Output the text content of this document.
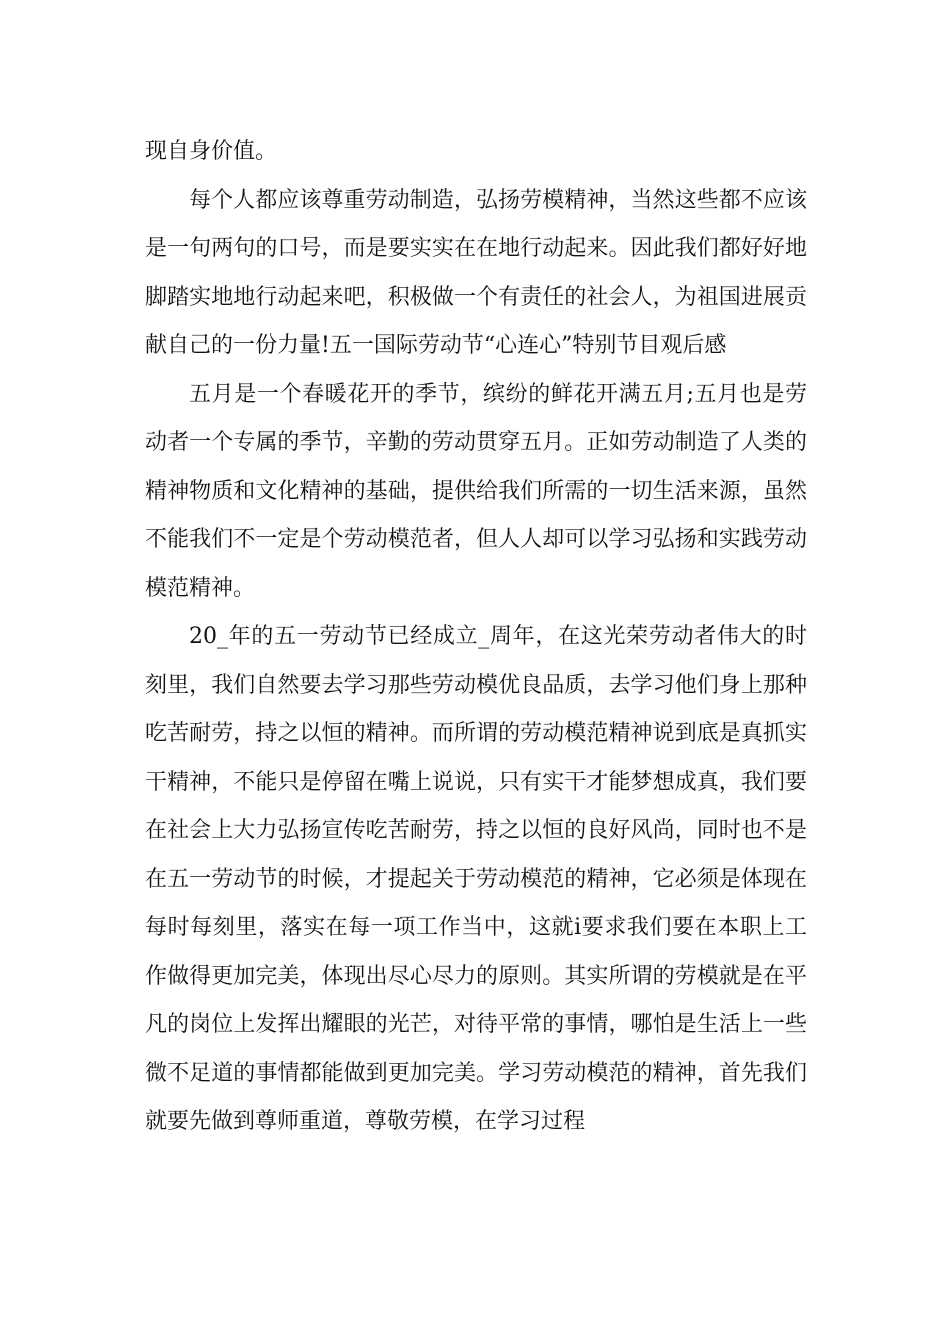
现自身价值。

每个人都应该尊重劳动制造，弘扬劳模精神，当然这些都不应该是一句两句的口号，而是要实实在在地行动起来。因此我们都好好地脚踏实地地行动起来吧，积极做一个有责任的社会人，为祖国进展贡献自己的一份力量!五一国际劳动节“心连心”特别节目观后感

五月是一个春暖花开的季节，缤纷的鲜花开满五月;五月也是劳动者一个专属的季节，辛勤的劳动贯穿五月。正如劳动制造了人类的精神物质和文化精神的基础，提供给我们所需的一切生活来源，虽然不能我们不一定是个劳动模范者，但人人却可以学习弘扬和实践劳动模范精神。

20_年的五一劳动节已经成立_周年，在这光荣劳动者伟大的时刻里，我们自然要去学习那些劳动模优良品质，去学习他们身上那种吃苦耐劳，持之以恒的精神。而所谓的劳动模范精神说到底是真抓实干精神，不能只是停留在嘴上说说，只有实干才能梦想成真，我们要在社会上大力弘扬宣传吃苦耐劳，持之以恒的良好风尚，同时也不是在五一劳动节的时候，才提起关于劳动模范的精神，它必须是体现在每时每刻里，落实在每一项工作当中，这就i要求我们要在本职上工作做得更加完美，体现出尽心尽力的原则。其实所谓的劳模就是在平凡的岗位上发挥出耀眼的光芒，对待平常的事情，哪怕是生活上一些微不足道的事情都能做到更加完美。学习劳动模范的精神，首先我们就要先做到尊师重道，尊敬劳模，在学习过程
